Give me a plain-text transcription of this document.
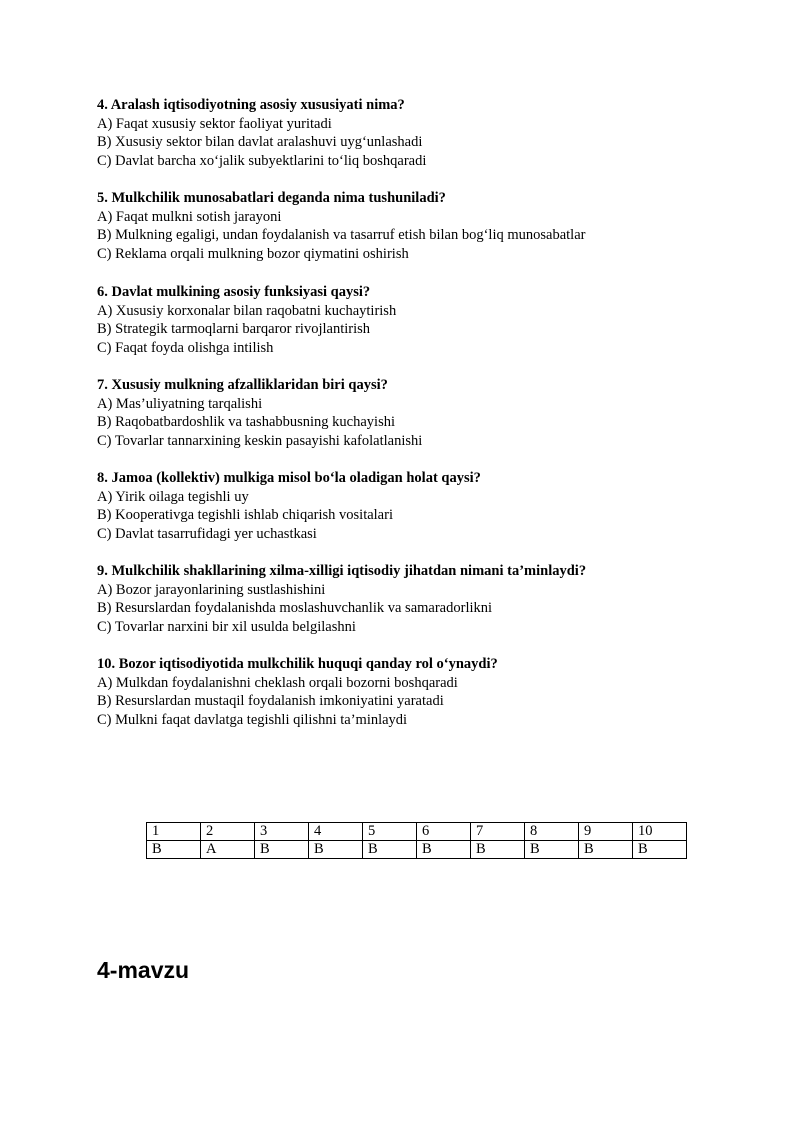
4. Aralash iqtisodiyotning asosiy xususiyati nima?
A) Faqat xususiy sektor faoliyat yuritadi
B) Xususiy sektor bilan davlat aralashuvi uyg‘unlashadi
C) Davlat barcha xo‘jalik subyektlarini to‘liq boshqaradi
5. Mulkchilik munosabatlari deganda nima tushuniladi?
A) Faqat mulkni sotish jarayoni
B) Mulkning egaligi, undan foydalanish va tasarruf etish bilan bog‘liq munosabatlar
C) Reklama orqali mulkning bozor qiymatini oshirish
6. Davlat mulkining asosiy funksiyasi qaysi?
A) Xususiy korxonalar bilan raqobatni kuchaytirish
B) Strategik tarmoqlarni barqaror rivojlantirish
C) Faqat foyda olishga intilish
7. Xususiy mulkning afzalliklaridan biri qaysi?
A) Mas’uliyatning tarqalishi
B) Raqobatbardoshlik va tashabbusning kuchayishi
C) Tovarlar tannarxining keskin pasayishi kafolatlanishi
8. Jamoa (kollektiv) mulkiga misol bo‘la oladigan holat qaysi?
A) Yirik oilaga tegishli uy
B) Kooperativga tegishli ishlab chiqarish vositalari
C) Davlat tasarrufidagi yer uchastkasi
9. Mulkchilik shakllarining xilma-xilligi iqtisodiy jihatdan nimani ta’minlaydi?
A) Bozor jarayonlarining sustlashishini
B) Resurslardan foydalanishda moslashuvchanlik va samaradorlikni
C) Tovarlar narxini bir xil usulda belgilashni
10. Bozor iqtisodiyotida mulkchilik huquqi qanday rol o‘ynaydi?
A) Mulkdan foydalanishni cheklash orqali bozorni boshqaradi
B) Resurslardan mustaqil foydalanish imkoniyatini yaratadi
C) Mulkni faqat davlatga tegishli qilishni ta’minlaydi
1	2	3	4	5	6	7	8	9	10
B	A	B	B	B	B	B	B	B	B
4-mavzu
